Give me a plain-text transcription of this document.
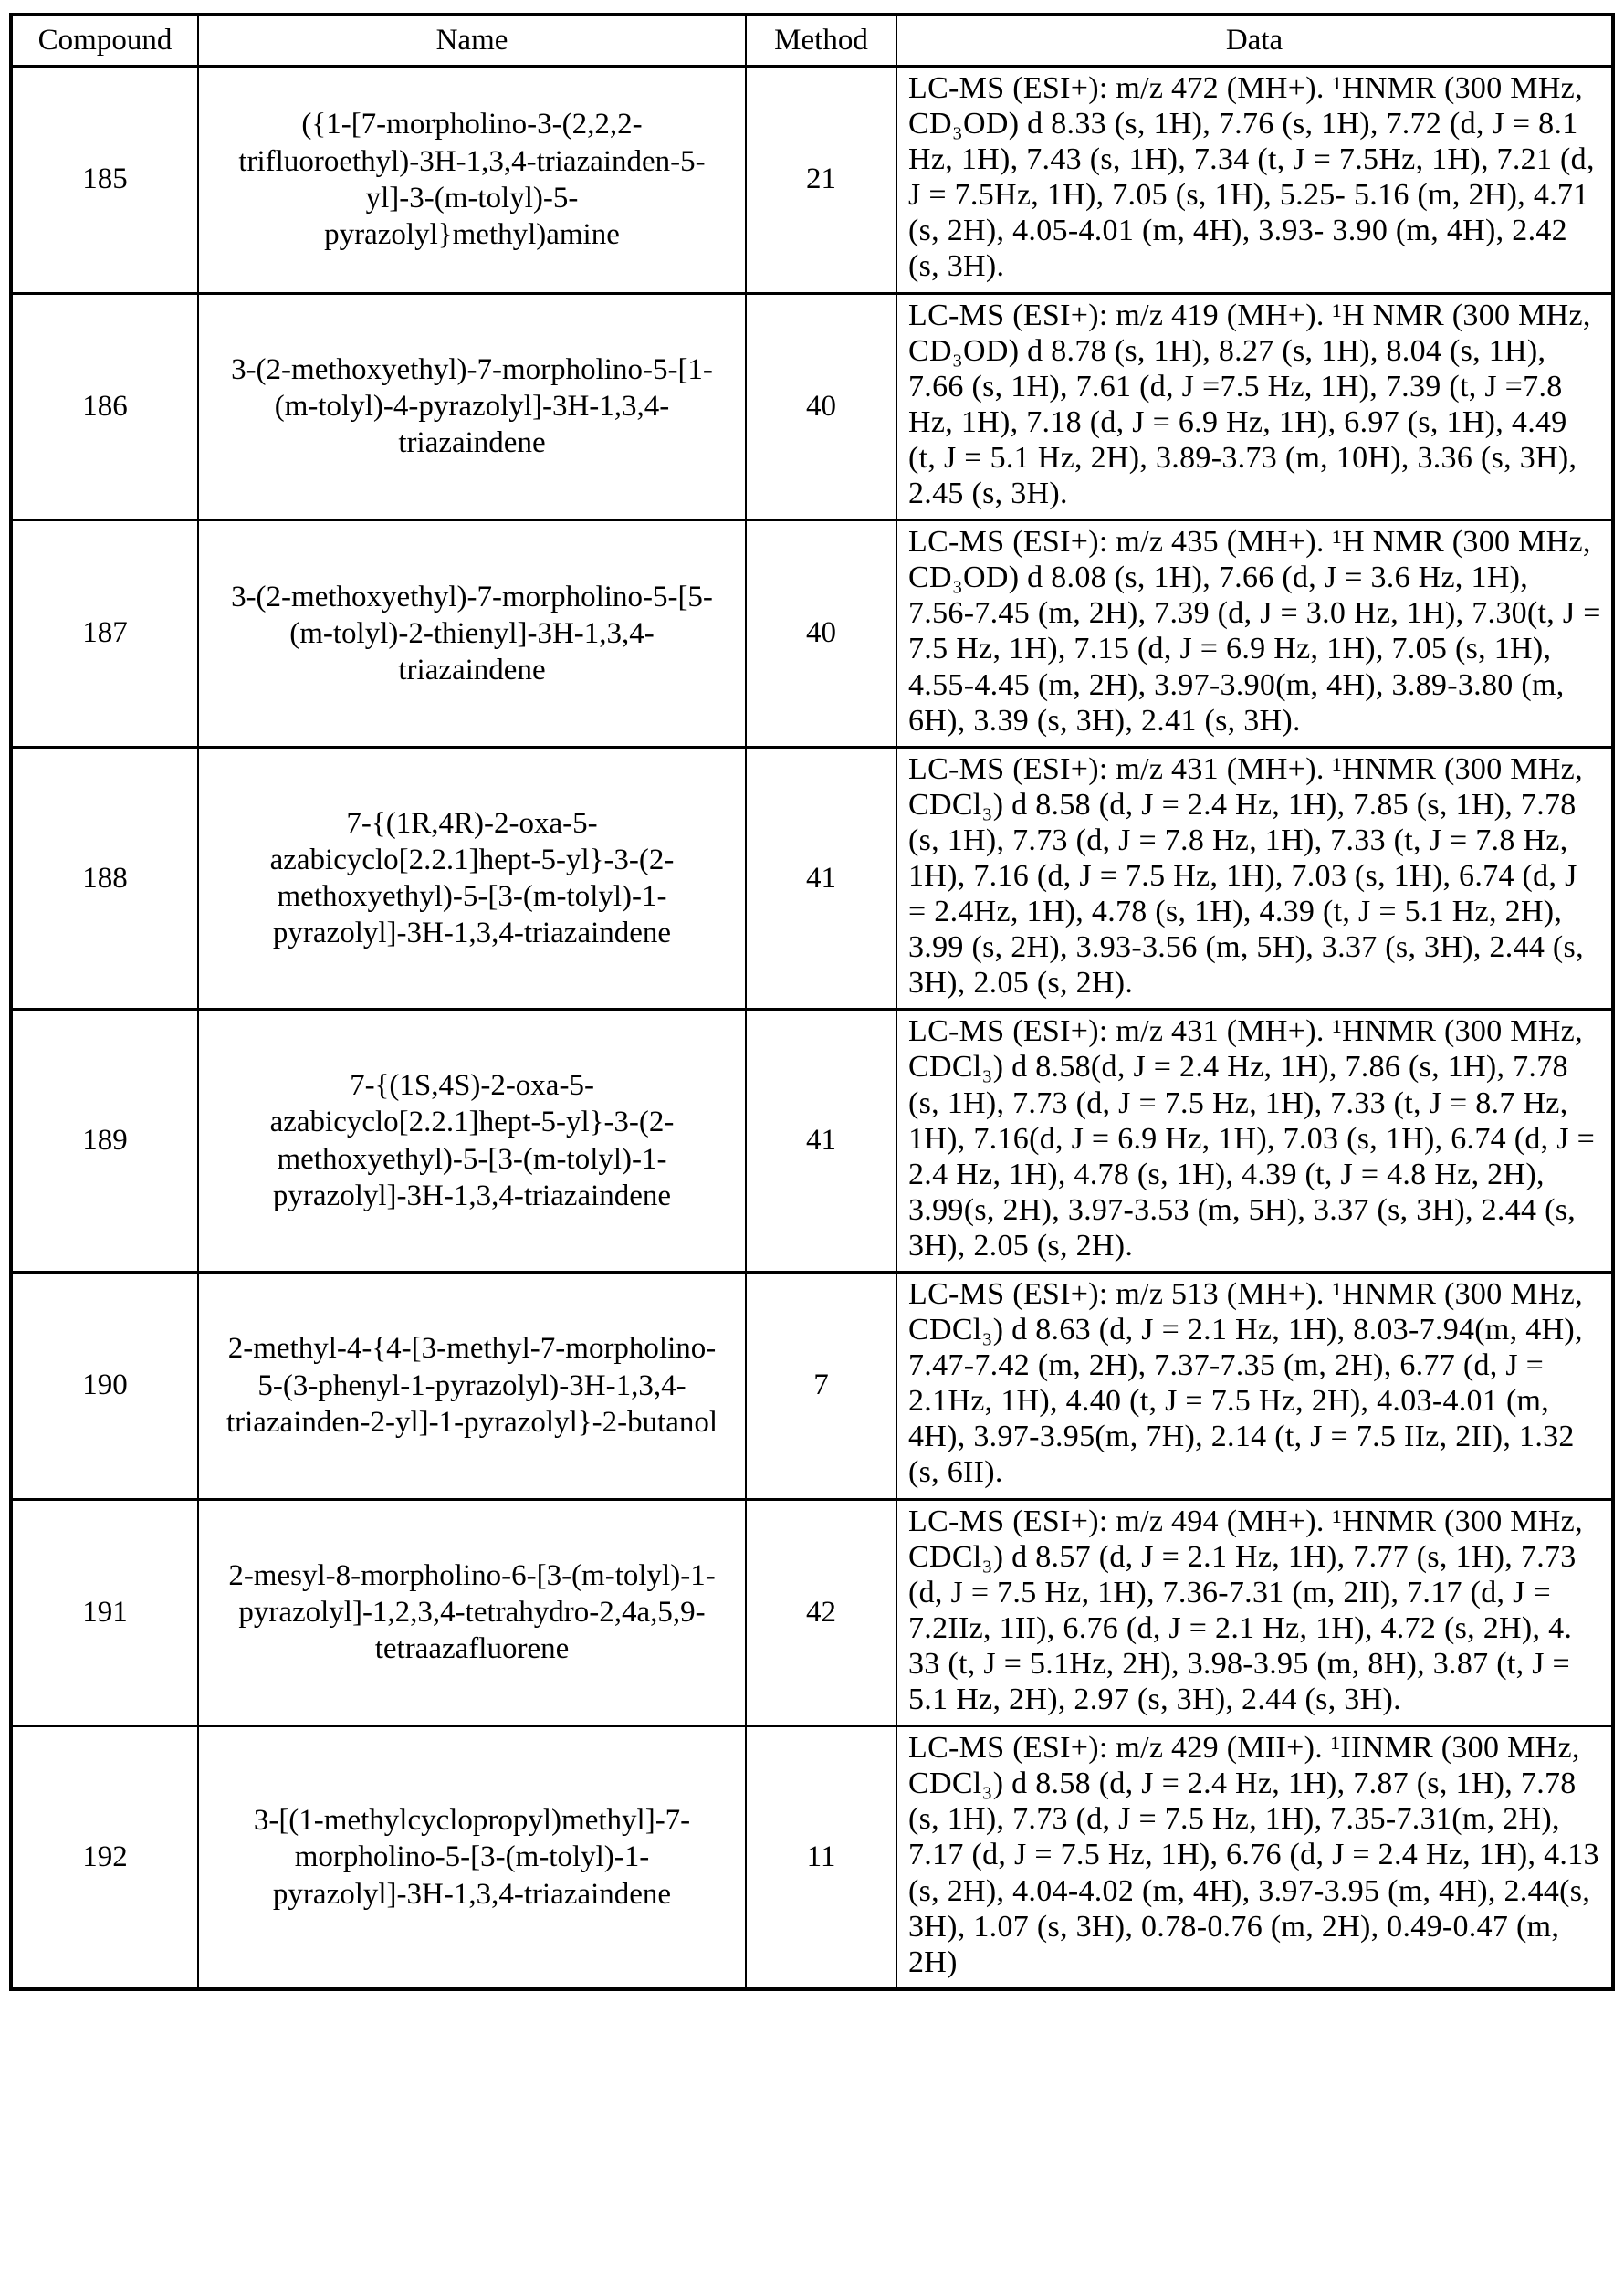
Compound	Name	Method	Data
185	({1-[7-morpholino-3-(2,2,2-trifluoroethyl)-3H-1,3,4-triazainden-5-yl]-3-(m-tolyl)-5-pyrazolyl}methyl)amine	21	LC-MS (ESI+): m/z 472 (MH+). ¹HNMR (300 MHz, CD₃OD) d 8.33 (s, 1H), 7.76 (s, 1H), 7.72 (d, J = 8.1 Hz, 1H), 7.43 (s, 1H), 7.34 (t, J = 7.5Hz, 1H), 7.21 (d, J = 7.5Hz, 1H), 7.05 (s, 1H), 5.25- 5.16 (m, 2H), 4.71 (s, 2H), 4.05-4.01 (m, 4H), 3.93- 3.90 (m, 4H), 2.42 (s, 3H).
186	3-(2-methoxyethyl)-7-morpholino-5-[1-(m-tolyl)-4-pyrazolyl]-3H-1,3,4-triazaindene	40	LC-MS (ESI+): m/z 419 (MH+). ¹H NMR (300 MHz, CD₃OD) d 8.78 (s, 1H), 8.27 (s, 1H), 8.04 (s, 1H), 7.66 (s, 1H), 7.61 (d, J =7.5 Hz, 1H), 7.39 (t, J =7.8 Hz, 1H), 7.18 (d, J = 6.9 Hz, 1H), 6.97 (s, 1H), 4.49 (t, J = 5.1 Hz, 2H), 3.89-3.73 (m, 10H), 3.36 (s, 3H), 2.45 (s, 3H).
187	3-(2-methoxyethyl)-7-morpholino-5-[5-(m-tolyl)-2-thienyl]-3H-1,3,4-triazaindene	40	LC-MS (ESI+): m/z 435 (MH+). ¹H NMR (300 MHz, CD₃OD) d 8.08 (s, 1H), 7.66 (d, J = 3.6 Hz, 1H), 7.56-7.45 (m, 2H), 7.39 (d, J = 3.0 Hz, 1H), 7.30(t, J = 7.5 Hz, 1H), 7.15 (d, J = 6.9 Hz, 1H), 7.05 (s, 1H), 4.55-4.45 (m, 2H), 3.97-3.90(m, 4H), 3.89-3.80 (m, 6H), 3.39 (s, 3H), 2.41 (s, 3H).
188	7-{(1R,4R)-2-oxa-5-azabicyclo[2.2.1]hept-5-yl}-3-(2-methoxyethyl)-5-[3-(m-tolyl)-1-pyrazolyl]-3H-1,3,4-triazaindene	41	LC-MS (ESI+): m/z 431 (MH+). ¹HNMR (300 MHz, CDCl₃) d 8.58 (d, J = 2.4 Hz, 1H), 7.85 (s, 1H), 7.78 (s, 1H), 7.73 (d, J = 7.8 Hz, 1H), 7.33 (t, J = 7.8 Hz, 1H), 7.16 (d, J = 7.5 Hz, 1H), 7.03 (s, 1H), 6.74 (d, J = 2.4Hz, 1H), 4.78 (s, 1H), 4.39 (t, J = 5.1 Hz, 2H), 3.99 (s, 2H), 3.93-3.56 (m, 5H), 3.37 (s, 3H), 2.44 (s, 3H), 2.05 (s, 2H).
189	7-{(1S,4S)-2-oxa-5-azabicyclo[2.2.1]hept-5-yl}-3-(2-methoxyethyl)-5-[3-(m-tolyl)-1-pyrazolyl]-3H-1,3,4-triazaindene	41	LC-MS (ESI+): m/z 431 (MH+). ¹HNMR (300 MHz, CDCl₃) d 8.58(d, J = 2.4 Hz, 1H), 7.86 (s, 1H), 7.78 (s, 1H), 7.73 (d, J = 7.5 Hz, 1H), 7.33 (t, J = 8.7 Hz, 1H), 7.16(d, J = 6.9 Hz, 1H), 7.03 (s, 1H), 6.74 (d, J = 2.4 Hz, 1H), 4.78 (s, 1H), 4.39 (t, J = 4.8 Hz, 2H), 3.99(s, 2H), 3.97-3.53 (m, 5H), 3.37 (s, 3H), 2.44 (s, 3H), 2.05 (s, 2H).
190	2-methyl-4-{4-[3-methyl-7-morpholino-5-(3-phenyl-1-pyrazolyl)-3H-1,3,4-triazainden-2-yl]-1-pyrazolyl}-2-butanol	7	LC-MS (ESI+): m/z 513 (MH+). ¹HNMR (300 MHz, CDCl₃) d 8.63 (d, J = 2.1 Hz, 1H), 8.03-7.94(m, 4H), 7.47-7.42 (m, 2H), 7.37-7.35 (m, 2H), 6.77 (d, J = 2.1Hz, 1H), 4.40 (t, J = 7.5 Hz, 2H), 4.03-4.01 (m, 4H), 3.97-3.95(m, 7H), 2.14 (t, J = 7.5 IIz, 2II), 1.32 (s, 6II).
191	2-mesyl-8-morpholino-6-[3-(m-tolyl)-1-pyrazolyl]-1,2,3,4-tetrahydro-2,4a,5,9-tetraazafluorene	42	LC-MS (ESI+): m/z 494 (MH+). ¹HNMR (300 MHz, CDCl₃) d 8.57 (d, J = 2.1 Hz, 1H), 7.77 (s, 1H), 7.73 (d, J = 7.5 Hz, 1H), 7.36-7.31 (m, 2II), 7.17 (d, J = 7.2IIz, 1II), 6.76 (d, J = 2.1 Hz, 1H), 4.72 (s, 2H), 4. 33 (t, J = 5.1Hz, 2H), 3.98-3.95 (m, 8H), 3.87 (t, J = 5.1 Hz, 2H), 2.97 (s, 3H), 2.44 (s, 3H).
192	3-[(1-methylcyclopropyl)methyl]-7-morpholino-5-[3-(m-tolyl)-1-pyrazolyl]-3H-1,3,4-triazaindene	11	LC-MS (ESI+): m/z 429 (MII+). ¹IINMR (300 MHz, CDCl₃) d 8.58 (d, J = 2.4 Hz, 1H), 7.87 (s, 1H), 7.78 (s, 1H), 7.73 (d, J = 7.5 Hz, 1H), 7.35-7.31(m, 2H), 7.17 (d, J = 7.5 Hz, 1H), 6.76 (d, J = 2.4 Hz, 1H), 4.13 (s, 2H), 4.04-4.02 (m, 4H), 3.97-3.95 (m, 4H), 2.44(s, 3H), 1.07 (s, 3H), 0.78-0.76 (m, 2H), 0.49-0.47 (m, 2H)
